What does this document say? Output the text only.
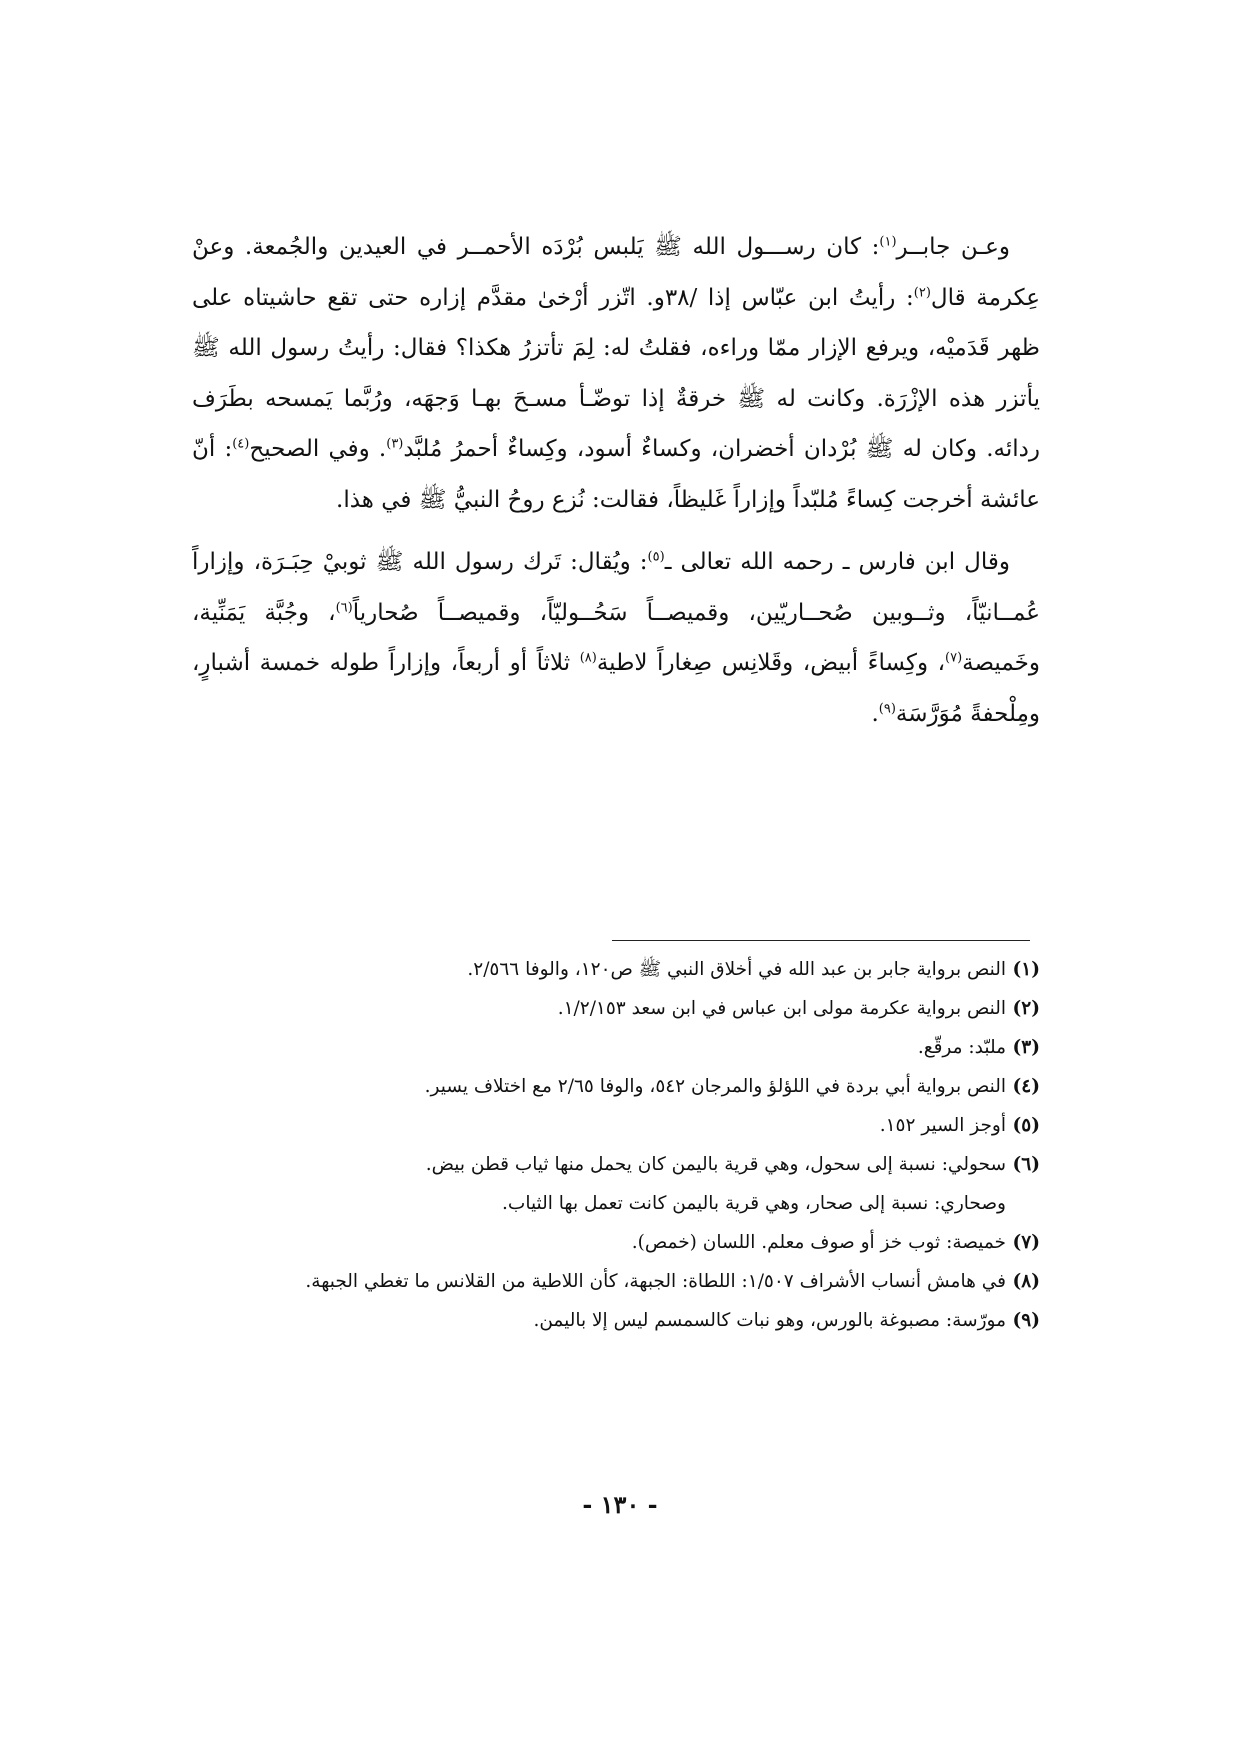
وعـن جابــر$^{(١)}$: كان رســـول الله ﷺ يَلبس بُرْدَه الأحمــر في العيدين والجُمعة. وعنْ عِكرمة قال$^{(٢)}$: رأيتُ ابن عبّاس إذا /٣٨و. اتّزر أرْخىٰ مقدَّم إزاره حتى تقع حاشيتاه على ظهر قَدَميْه، ويرفع الإزار ممّا وراءه، فقلتُ له: لِمَ تأتزرُ هكذا؟ فقال: رأيتُ رسول الله ﷺ يأتزر هذه الإزْرَة. وكانت له ﷺ خرقةٌ إذا توضّـأ مسـحَ بهـا وَجهَه، ورُبَّما يَمسحه بطَرَف ردائه. وكان له ﷺ بُرْدان أخضران، وكساءٌ أسود، وكِساءٌ أحمرُ مُلبَّد$^{(٣)}$. وفي الصحيح$^{(٤)}$: أنّ عائشة أخرجت كِساءً مُلبّداً وإزاراً غَليظاً، فقالت: نُزع روحُ النبيُّ ﷺ في هذا.

وقال ابن فارس ـ رحمه الله تعالى ـ$^{(٥)}$: ويُقال: تَرك رسول الله ﷺ ثوبيْ حِبَـرَة، وإزاراً عُمــانيّاً، وثــوبين صُحــاريّين، وقميصــاً سَحُــوليّاً، وقميصــاً صُحارياً$^{(٦)}$، وجُبَّة يَمَنِّية، وخَميصة$^{(٧)}$، وكِساءً أبيض، وقَلانِس صِغاراً لاطية$^{(٨)}$ ثلاثاً أو أربعاً، وإزاراً طوله خمسة أشبارٍ، ومِلْحفةً مُوَرَّسَة$^{(٩)}$.

(١)
النص برواية جابر بن عبد الله في أخلاق النبي ﷺ ص١٢٠، والوفا ٢/٥٦٦.
(٢)
النص برواية عكرمة مولى ابن عباس في ابن سعد ١/٢/١٥٣.
(٣)
ملبّد: مرقّع.
(٤)
النص برواية أبي بردة في اللؤلؤ والمرجان ٥٤٢، والوفا ٢/٦٥ مع اختلاف يسير.
(٥)
أوجز السير ١٥٢.
(٦)
سحولي: نسبة إلى سحول، وهي قرية باليمن كان يحمل منها ثياب قطن بيض.
وصحاري: نسبة إلى صحار، وهي قرية باليمن كانت تعمل بها الثياب.
(٧)
خميصة: ثوب خز أو صوف معلم. اللسان (خمص).
(٨)
في هامش أنساب الأشراف ١/٥٠٧: اللطاة: الجبهة، كأن اللاطية من القلانس ما تغطي الجبهة.
(٩)
مورّسة: مصبوغة بالورس، وهو نبات كالسمسم ليس إلا باليمن.
- ١٣٠ -
